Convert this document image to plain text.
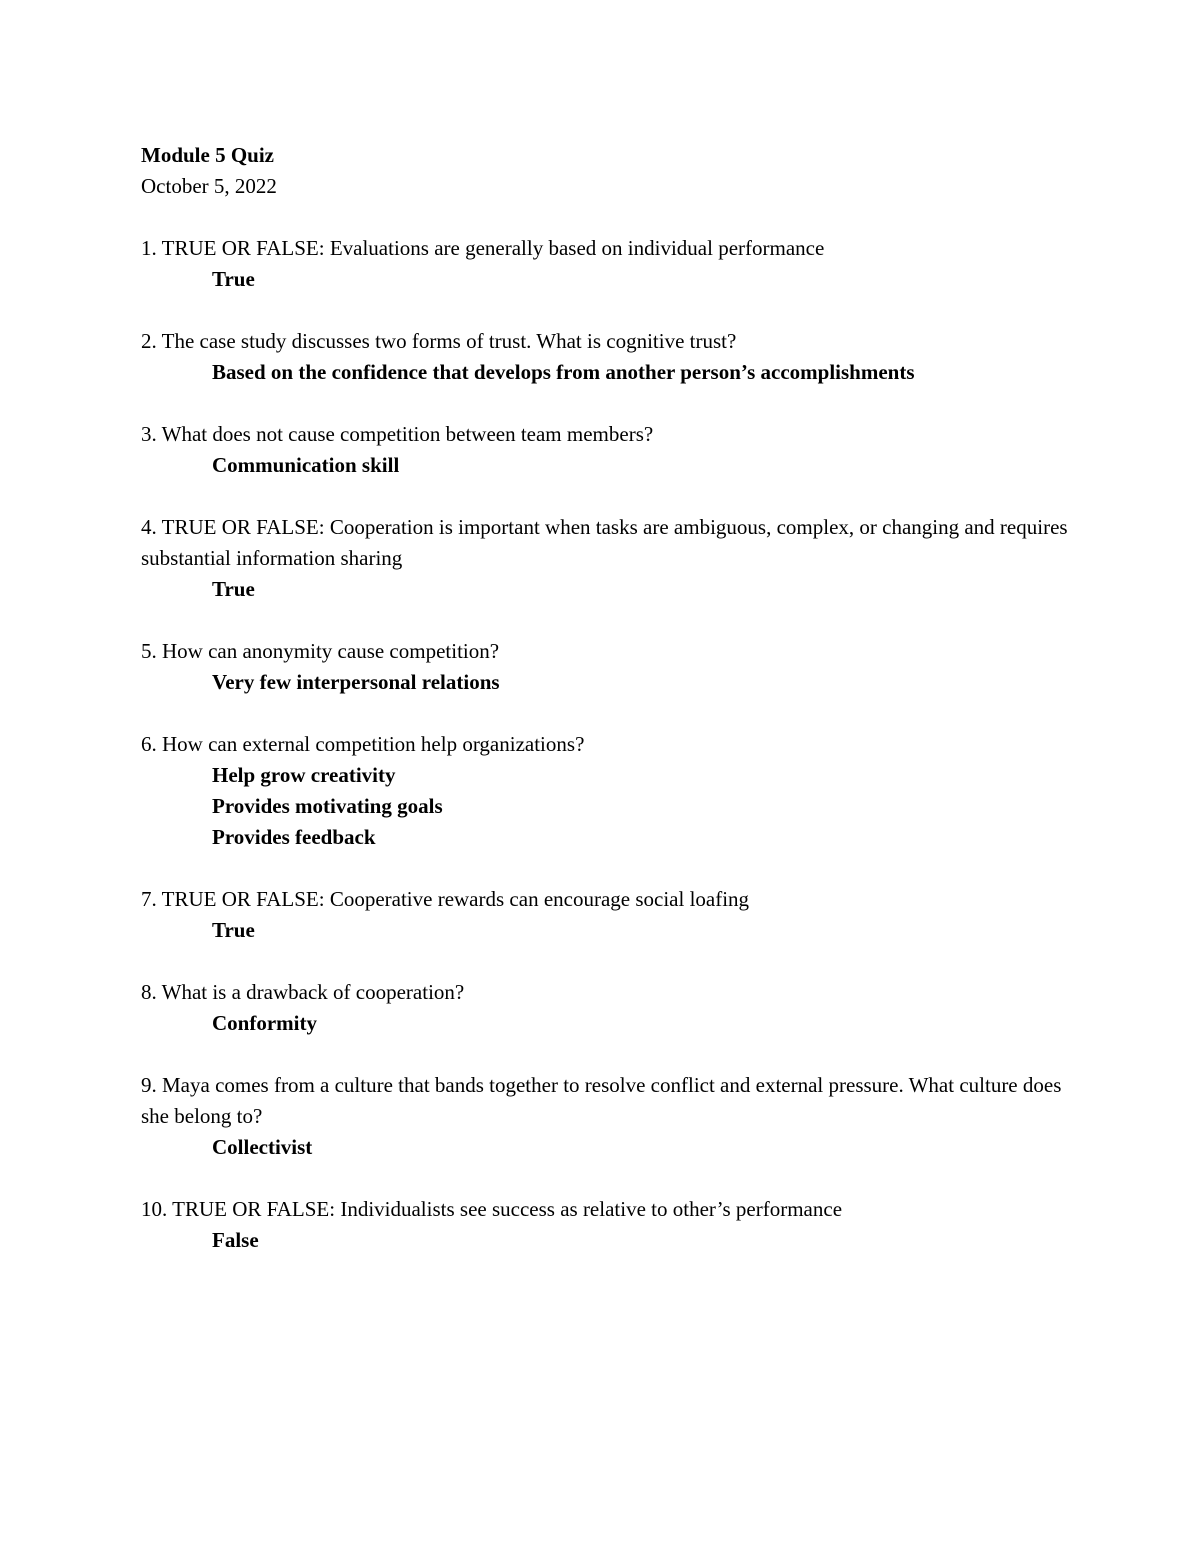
Module 5 Quiz

October 5, 2022

1. TRUE OR FALSE: Evaluations are generally based on individual performance

True

2. The case study discusses two forms of trust. What is cognitive trust?

Based on the confidence that develops from another person’s accomplishments

3. What does not cause competition between team members?

Communication skill

4. TRUE OR FALSE: Cooperation is important when tasks are ambiguous, complex, or changing and requires substantial information sharing

True

5. How can anonymity cause competition?

Very few interpersonal relations

6. How can external competition help organizations?

Help grow creativity

Provides motivating goals

Provides feedback

7. TRUE OR FALSE: Cooperative rewards can encourage social loafing

True

8. What is a drawback of cooperation?

Conformity

9. Maya comes from a culture that bands together to resolve conflict and external pressure. What culture does she belong to?

Collectivist

10. TRUE OR FALSE: Individualists see success as relative to other’s performance

False
